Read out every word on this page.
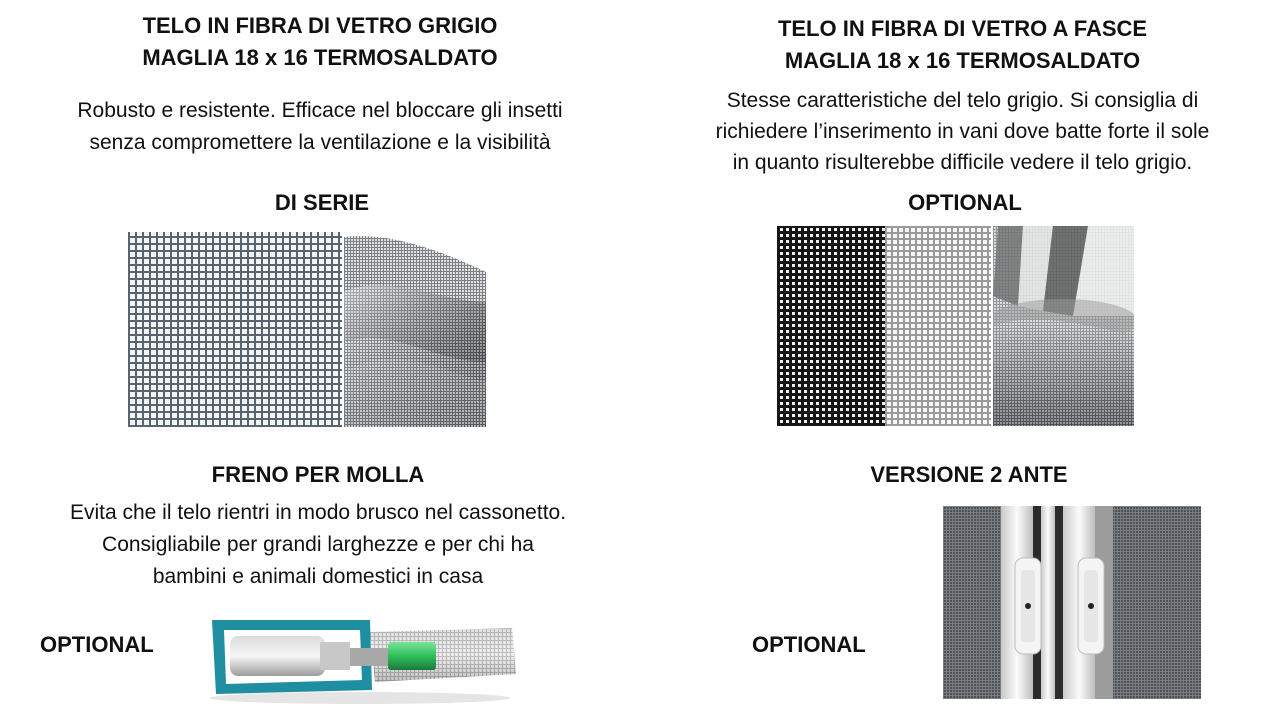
TELO IN FIBRA DI VETRO GRIGIO
MAGLIA 18 x 16 TERMOSALDATO

Robusto e resistente. Efficace nel bloccare gli insetti
senza compromettere la ventilazione e la visibilità

DI SERIE

TELO IN FIBRA DI VETRO A FASCE
MAGLIA 18 x 16 TERMOSALDATO

Stesse caratteristiche del telo grigio. Si consiglia di
richiedere l’inserimento in vani dove batte forte il sole
in quanto risulterebbe difficile vedere il telo grigio.

OPTIONAL

FRENO PER MOLLA

Evita che il telo rientri in modo brusco nel cassonetto.
Consigliabile per grandi larghezze e per chi ha
bambini e animali domestici in casa

OPTIONAL
VERSIONE 2 ANTE
OPTIONAL
